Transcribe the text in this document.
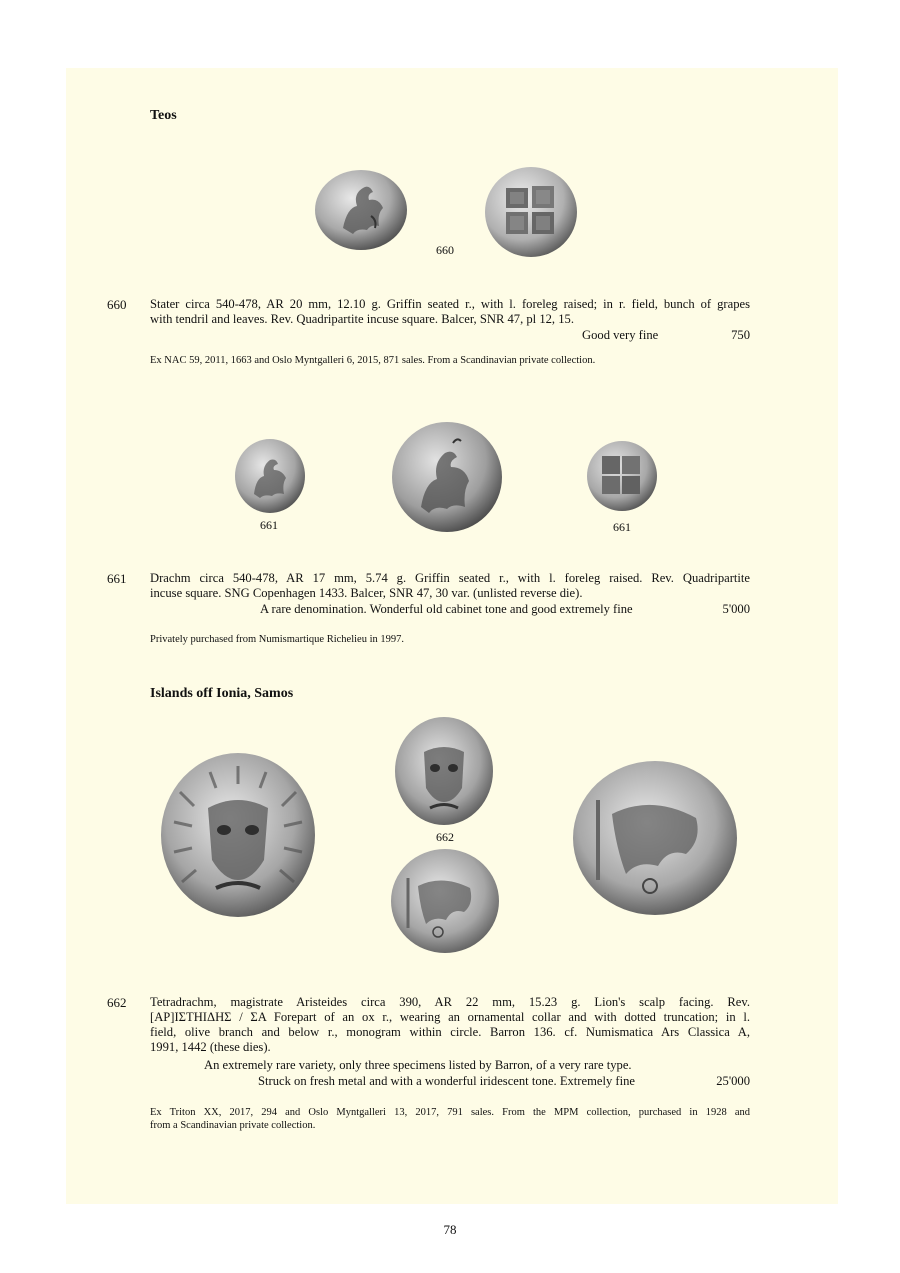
Teos
660
660 Stater circa 540-478, AR 20 mm, 12.10 g. Griffin seated r., with l. foreleg raised; in r. field, bunch of grapes

with tendril and leaves. Rev. Quadripartite incuse square. Balcer, SNR 47, pl 12, 15.

Good very fine	750
Ex NAC 59, 2011, 1663 and Oslo Myntgalleri 6, 2015, 871 sales. From a Scandinavian private collection.
661	661
661 Drachm circa 540-478, AR 17 mm, 5.74 g. Griffin seated r., with l. foreleg raised. Rev. Quadripartite

incuse square. SNG Copenhagen 1433. Balcer, SNR 47, 30 var. (unlisted reverse die).

A rare denomination. Wonderful old cabinet tone and good extremely fine	5'000
Privately purchased from Numismartique Richelieu in 1997.
Islands off Ionia, Samos
662
662 Tetradrachm, magistrate Aristeides circa 390, AR 22 mm, 15.23 g. Lion's scalp facing. Rev.

[ΑΡ]ΙΣΤΗΙΔΗΣ / ΣΑ Forepart of an ox r., wearing an ornamental collar and with dotted truncation; in l.

field, olive branch and below r., monogram within circle. Barron 136. cf. Numismatica Ars Classica A,

1991, 1442 (these dies).

An extremely rare variety, only three specimens listed by Barron, of a very rare type.
Struck on fresh metal and with a wonderful iridescent tone. Extremely fine	25'000
Ex Triton XX, 2017, 294 and Oslo Myntgalleri 13, 2017, 791 sales. From the MPM collection, purchased in 1928 and
from a Scandinavian private collection.
78
